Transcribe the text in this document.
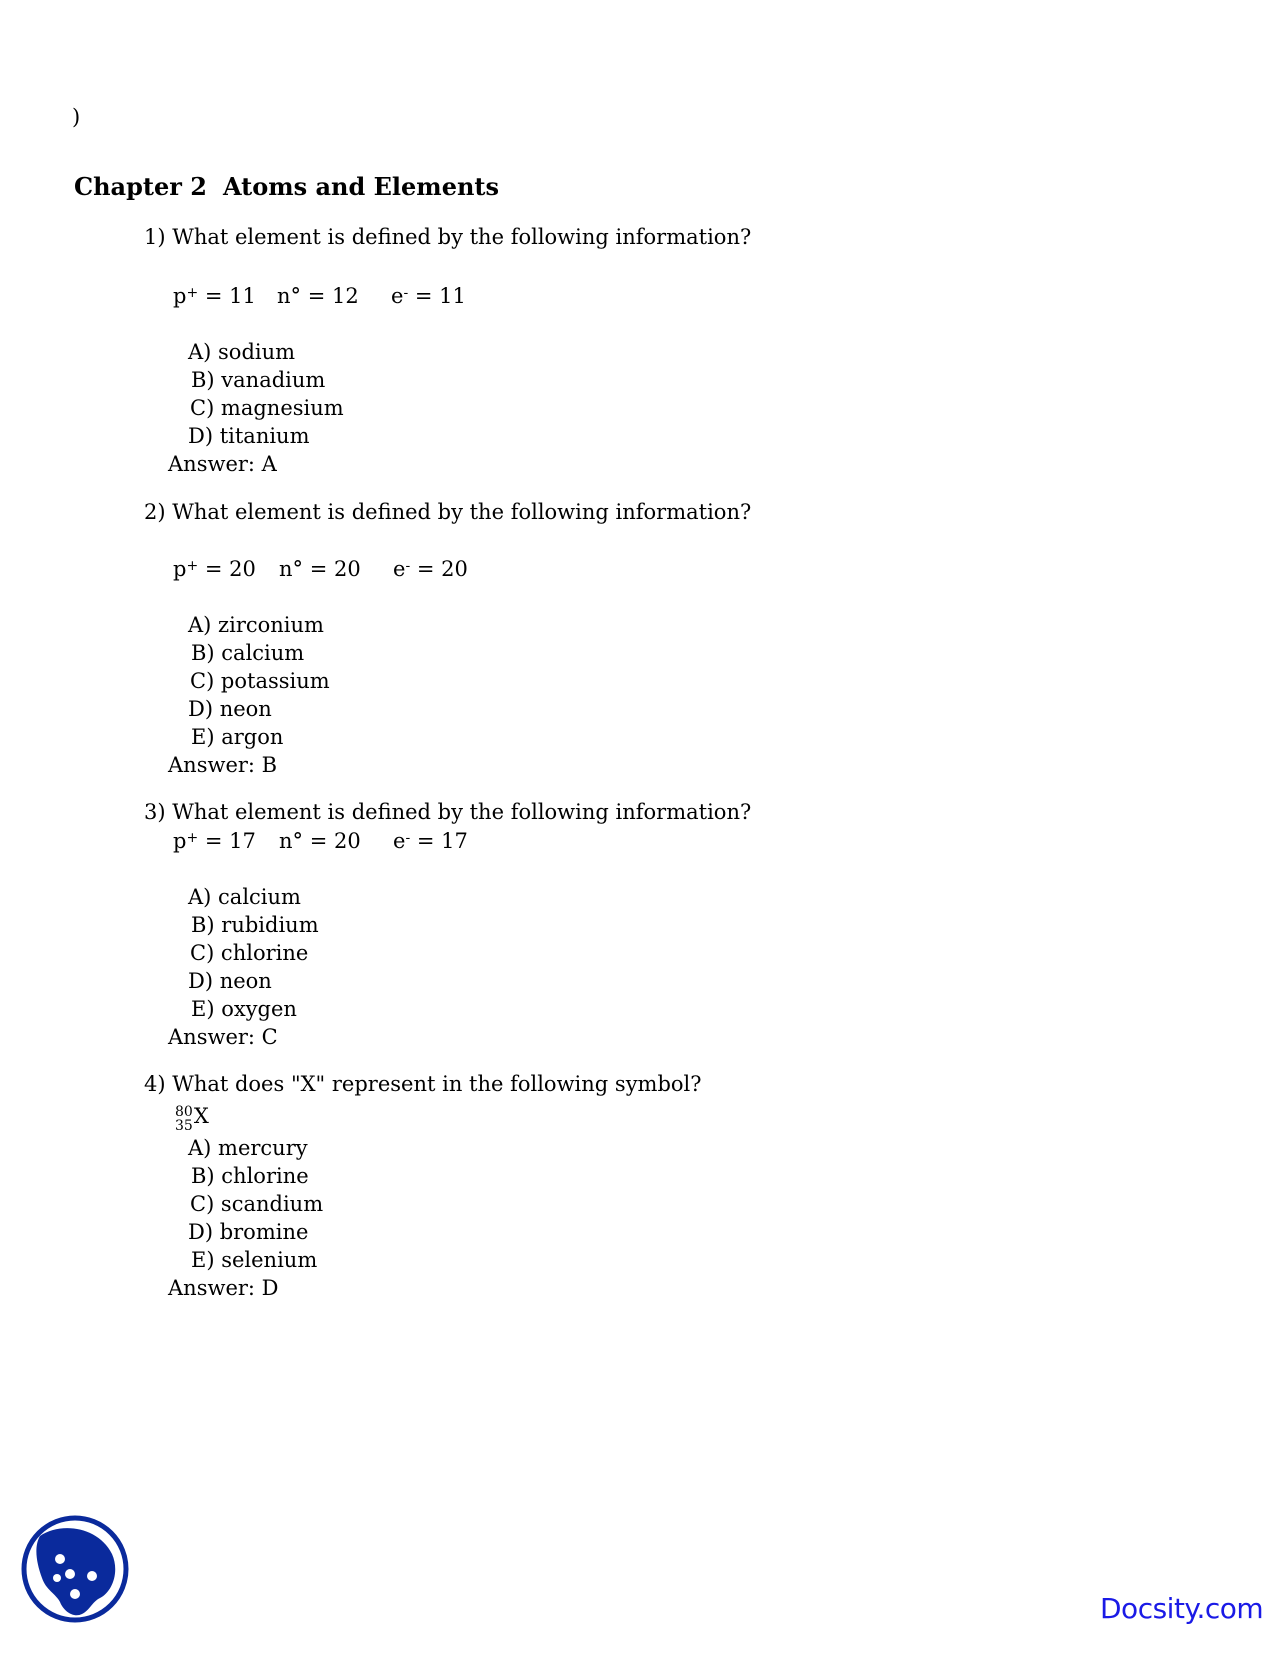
)
Chapter 2 Atoms and Elements
1) What element is defined by the following information?
p+ = 11 n° = 12 e- = 11
A) sodium
B) vanadium
C) magnesium
D) titanium
Answer: A
2) What element is defined by the following information?
p+ = 20 n° = 20 e- = 20
A) zirconium
B) calcium
C) potassium
D) neon
E) argon
Answer: B
3) What element is defined by the following information?
p+ = 17 n° = 20 e- = 17
A) calcium
B) rubidium
C) chlorine
D) neon
E) oxygen
Answer: C
4) What does "X" represent in the following symbol?
80
35 X
A) mercury
B) chlorine
C) scandium
D) bromine
E) selenium
Answer: D
Docsity.com
